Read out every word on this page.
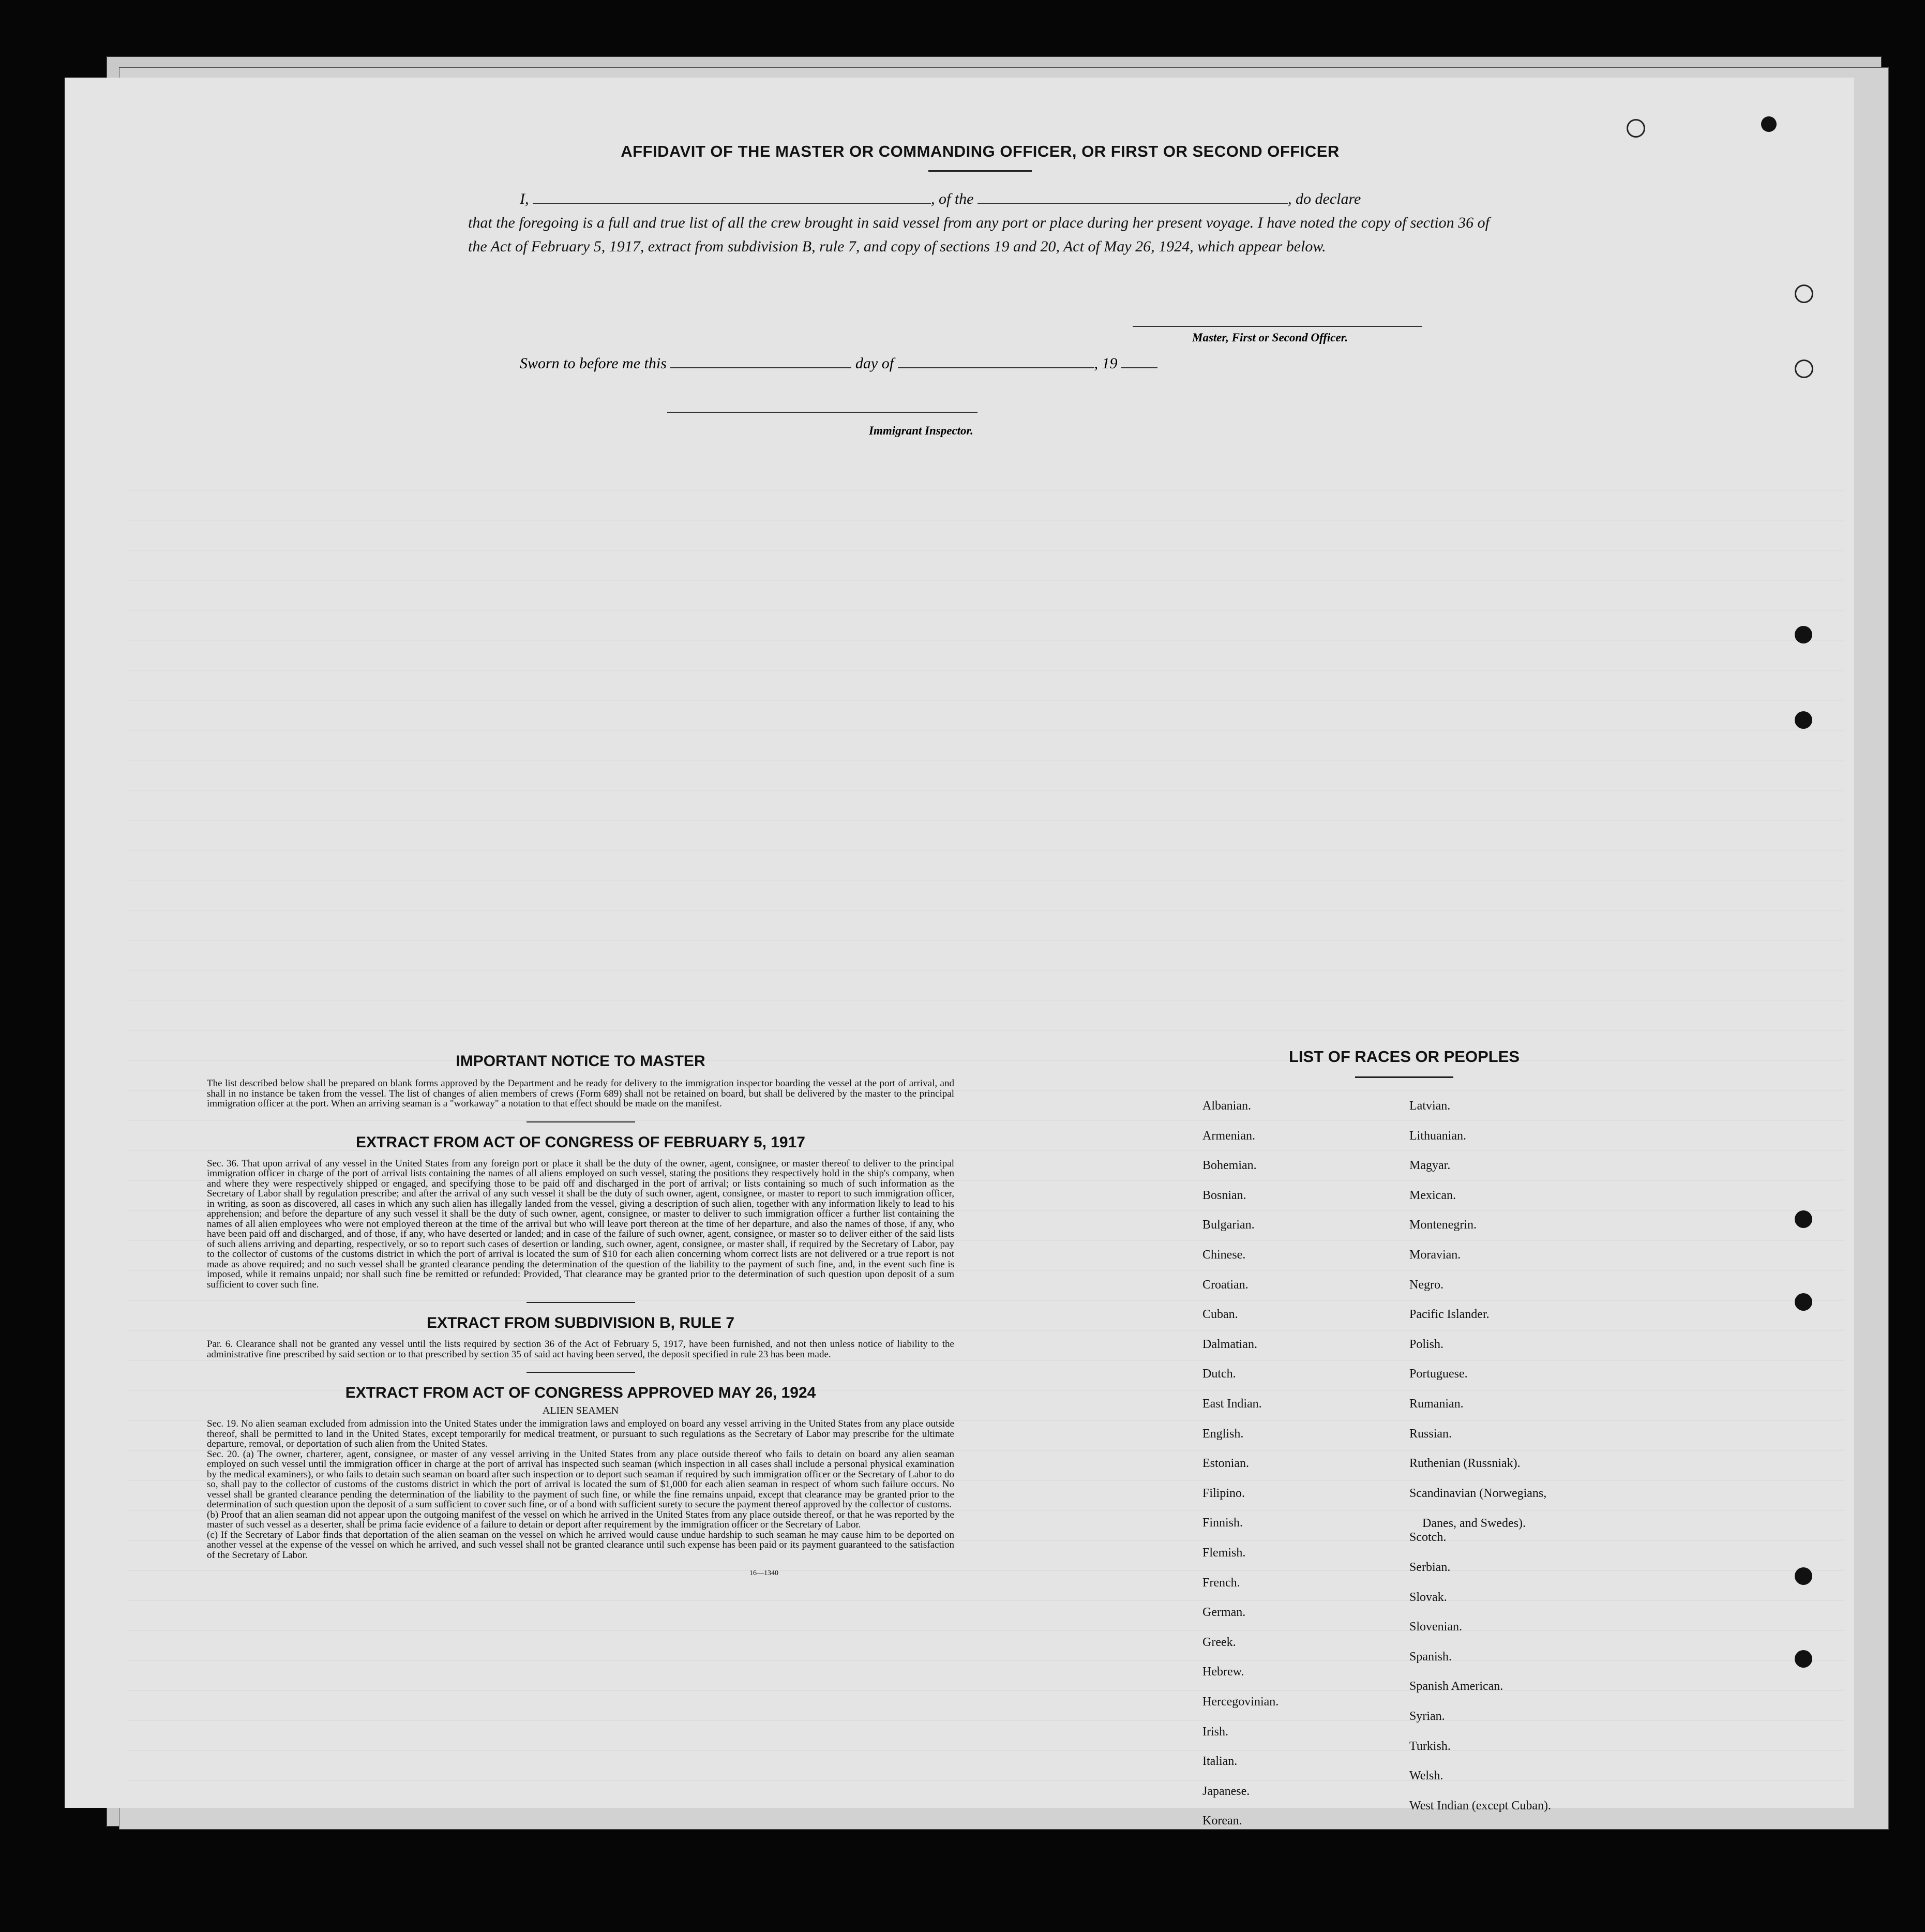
AFFIDAVIT OF THE MASTER OR COMMANDING OFFICER, OR FIRST OR SECOND OFFICER
I,	, of the	, do declare
that the foregoing is a full and true list of all the crew brought in said vessel from any port or place during her present voyage. I have noted the copy of section 36 of the Act of February 5, 1917, extract from subdivision B, rule 7, and copy of sections 19 and 20, Act of May 26, 1924, which appear below.
Master, First or Second Officer.
Sworn to before me this	day of	, 19
Immigrant Inspector.

IMPORTANT NOTICE TO MASTER

The list described below shall be prepared on blank forms approved by the Department and be ready for delivery to the immigration inspector boarding the vessel at the port of arrival, and shall in no instance be taken from the vessel. The list of changes of alien members of crews (Form 689) shall not be retained on board, but shall be delivered by the master to the principal immigration officer at the port. When an arriving seaman is a "workaway" a notation to that effect should be made on the manifest.

EXTRACT FROM ACT OF CONGRESS OF FEBRUARY 5, 1917

Sec. 36. That upon arrival of any vessel in the United States from any foreign port or place it shall be the duty of the owner, agent, consignee, or master thereof to deliver to the principal immigration officer in charge of the port of arrival lists containing the names of all aliens employed on such vessel, stating the positions they respectively hold in the ship's company, when and where they were respectively shipped or engaged, and specifying those to be paid off and discharged in the port of arrival; or lists containing so much of such information as the Secretary of Labor shall by regulation prescribe; and after the arrival of any such vessel it shall be the duty of such owner, agent, consignee, or master to report to such immigration officer, in writing, as soon as discovered, all cases in which any such alien has illegally landed from the vessel, giving a description of such alien, together with any information likely to lead to his apprehension; and before the departure of any such vessel it shall be the duty of such owner, agent, consignee, or master to deliver to such immigration officer a further list containing the names of all alien employees who were not employed thereon at the time of the arrival but who will leave port thereon at the time of her departure, and also the names of those, if any, who have been paid off and discharged, and of those, if any, who have deserted or landed; and in case of the failure of such owner, agent, consignee, or master so to deliver either of the said lists of such aliens arriving and departing, respectively, or so to report such cases of desertion or landing, such owner, agent, consignee, or master shall, if required by the Secretary of Labor, pay to the collector of customs of the customs district in which the port of arrival is located the sum of $10 for each alien concerning whom correct lists are not delivered or a true report is not made as above required; and no such vessel shall be granted clearance pending the determination of the question of the liability to the payment of such fine, and, in the event such fine is imposed, while it remains unpaid; nor shall such fine be remitted or refunded: Provided, That clearance may be granted prior to the determination of such question upon deposit of a sum sufficient to cover such fine.

EXTRACT FROM SUBDIVISION B, RULE 7

Par. 6. Clearance shall not be granted any vessel until the lists required by section 36 of the Act of February 5, 1917, have been furnished, and not then unless notice of liability to the administrative fine prescribed by said section or to that prescribed by section 35 of said act having been served, the deposit specified in rule 23 has been made.

EXTRACT FROM ACT OF CONGRESS APPROVED MAY 26, 1924

ALIEN SEAMEN

Sec. 19. No alien seaman excluded from admission into the United States under the immigration laws and employed on board any vessel arriving in the United States from any place outside thereof, shall be permitted to land in the United States, except temporarily for medical treatment, or pursuant to such regulations as the Secretary of Labor may prescribe for the ultimate departure, removal, or deportation of such alien from the United States.

Sec. 20. (a) The owner, charterer, agent, consignee, or master of any vessel arriving in the United States from any place outside thereof who fails to detain on board any alien seaman employed on such vessel until the immigration officer in charge at the port of arrival has inspected such seaman (which inspection in all cases shall include a personal physical examination by the medical examiners), or who fails to detain such seaman on board after such inspection or to deport such seaman if required by such immigration officer or the Secretary of Labor to do so, shall pay to the collector of customs of the customs district in which the port of arrival is located the sum of $1,000 for each alien seaman in respect of whom such failure occurs. No vessel shall be granted clearance pending the determination of the liability to the payment of such fine, or while the fine remains unpaid, except that clearance may be granted prior to the determination of such question upon the deposit of a sum sufficient to cover such fine, or of a bond with sufficient surety to secure the payment thereof approved by the collector of customs.

(b) Proof that an alien seaman did not appear upon the outgoing manifest of the vessel on which he arrived in the United States from any place outside thereof, or that he was reported by the master of such vessel as a deserter, shall be prima facie evidence of a failure to detain or deport after requirement by the immigration officer or the Secretary of Labor.

(c) If the Secretary of Labor finds that deportation of the alien seaman on the vessel on which he arrived would cause undue hardship to such seaman he may cause him to be deported on another vessel at the expense of the vessel on which he arrived, and such vessel shall not be granted clearance until such expense has been paid or its payment guaranteed to the satisfaction of the Secretary of Labor.

16—1340
LIST OF RACES OR PEOPLES
Albanian.
Armenian.
Bohemian.
Bosnian.
Bulgarian.
Chinese.
Croatian.
Cuban.
Dalmatian.
Dutch.
East Indian.
English.
Estonian.
Filipino.
Finnish.
Flemish.
French.
German.
Greek.
Hebrew.
Hercegovinian.
Irish.
Italian.
Japanese.
Korean.
Latvian.
Lithuanian.
Magyar.
Mexican.
Montenegrin.
Moravian.
Negro.
Pacific Islander.
Polish.
Portuguese.
Rumanian.
Russian.
Ruthenian (Russniak).
Scandinavian (Norwegians,
Danes, and Swedes).
Scotch.
Serbian.
Slovak.
Slovenian.
Spanish.
Spanish American.
Syrian.
Turkish.
Welsh.
West Indian (except Cuban).
